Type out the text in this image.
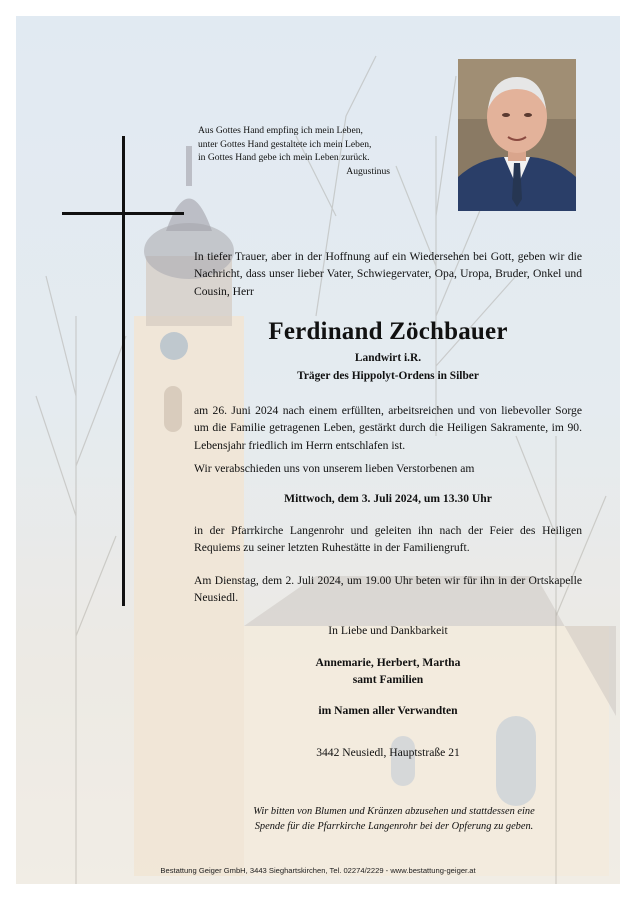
Aus Gottes Hand empfing ich mein Leben,
unter Gottes Hand gestaltete ich mein Leben,
in Gottes Hand gebe ich mein Leben zurück.
Augustinus
In tiefer Trauer, aber in der Hoffnung auf ein Wiedersehen bei Gott, geben wir die Nachricht, dass unser lieber Vater, Schwiegervater, Opa, Uropa, Bruder, Onkel und Cousin, Herr
Ferdinand Zöchbauer
Landwirt i.R.
Träger des Hippolyt-Ordens in Silber
am 26. Juni 2024 nach einem erfüllten, arbeitsreichen und von liebevoller Sorge um die Familie getragenen Leben, gestärkt durch die Heiligen Sakramente, im 90. Lebensjahr friedlich im Herrn entschlafen ist.
Wir verabschieden uns von unserem lieben Verstorbenen am
Mittwoch, dem 3. Juli 2024, um 13.30 Uhr
in der Pfarrkirche Langenrohr und geleiten ihn nach der Feier des Heiligen Requiems zu seiner letzten Ruhestätte in der Familiengruft.
Am Dienstag, dem 2. Juli 2024, um 19.00 Uhr beten wir für ihn in der Ortskapelle Neusiedl.
In Liebe und Dankbarkeit
Annemarie, Herbert, Martha
samt Familien
im Namen aller Verwandten
3442 Neusiedl, Hauptstraße 21
Wir bitten von Blumen und Kränzen abzusehen und stattdessen eine
Spende für die Pfarrkirche Langenrohr bei der Opferung zu geben.
Bestattung Geiger GmbH, 3443 Sieghartskirchen, Tel. 02274/2229 - www.bestattung-geiger.at
